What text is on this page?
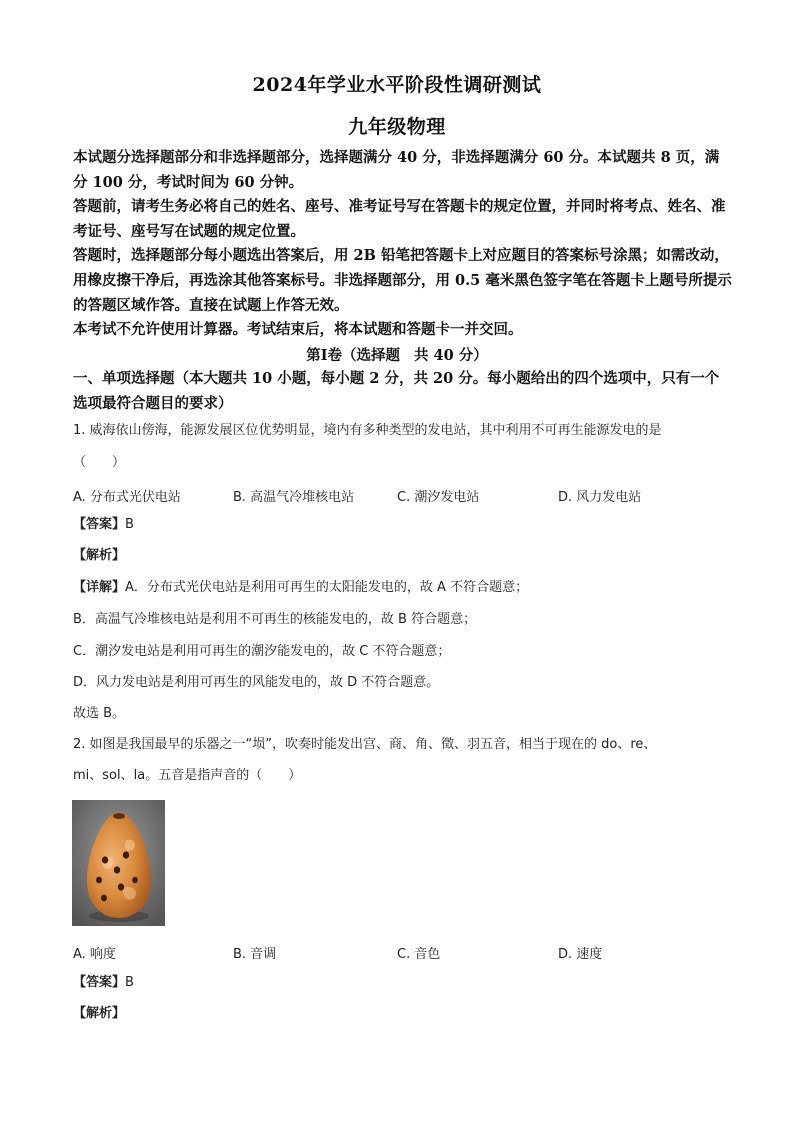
2024年学业水平阶段性调研测试
九年级物理

本试题分选择题部分和非选择题部分，选择题满分 40 分，非选择题满分 60 分。本试题共 8 页，满分 100 分，考试时间为 60 分钟。

答题前，请考生务必将自己的姓名、座号、准考证号写在答题卡的规定位置，并同时将考点、姓名、准考证号、座号写在试题的规定位置。

答题时，选择题部分每小题选出答案后，用 2B 铅笔把答题卡上对应题目的答案标号涂黑；如需改动，用橡皮擦干净后，再选涂其他答案标号。非选择题部分，用 0.5 毫米黑色签字笔在答题卡上题号所提示的答题区域作答。直接在试题上作答无效。

本考试不允许使用计算器。考试结束后，将本试题和答题卡一并交回。

第Ⅰ卷（选择题 共 40 分）

一、单项选择题（本大题共 10 小题，每小题 2 分，共 20 分。每小题给出的四个选项中，只有一个选项最符合题目的要求）

1. 威海依山傍海，能源发展区位优势明显，境内有多种类型的发电站，其中利用不可再生能源发电的是
（　　）
A. 分布式光伏电站	B. 高温气冷堆核电站	C. 潮汐发电站	D. 风力发电站
【答案】B
【解析】
【详解】A．分布式光伏电站是利用可再生的太阳能发电的，故 A 不符合题意；
B．高温气冷堆核电站是利用不可再生的核能发电的，故 B 符合题意；
C．潮汐发电站是利用可再生的潮汐能发电的，故 C 不符合题意；
D．风力发电站是利用可再生的风能发电的，故 D 不符合题意。
故选 B。
2. 如图是我国最早的乐器之一“埙”，吹奏时能发出宫、商、角、徵、羽五音，相当于现在的 do、re、
mi、sol、la。五音是指声音的（　　）
A. 响度	B. 音调	C. 音色	D. 速度
【答案】B
【解析】
